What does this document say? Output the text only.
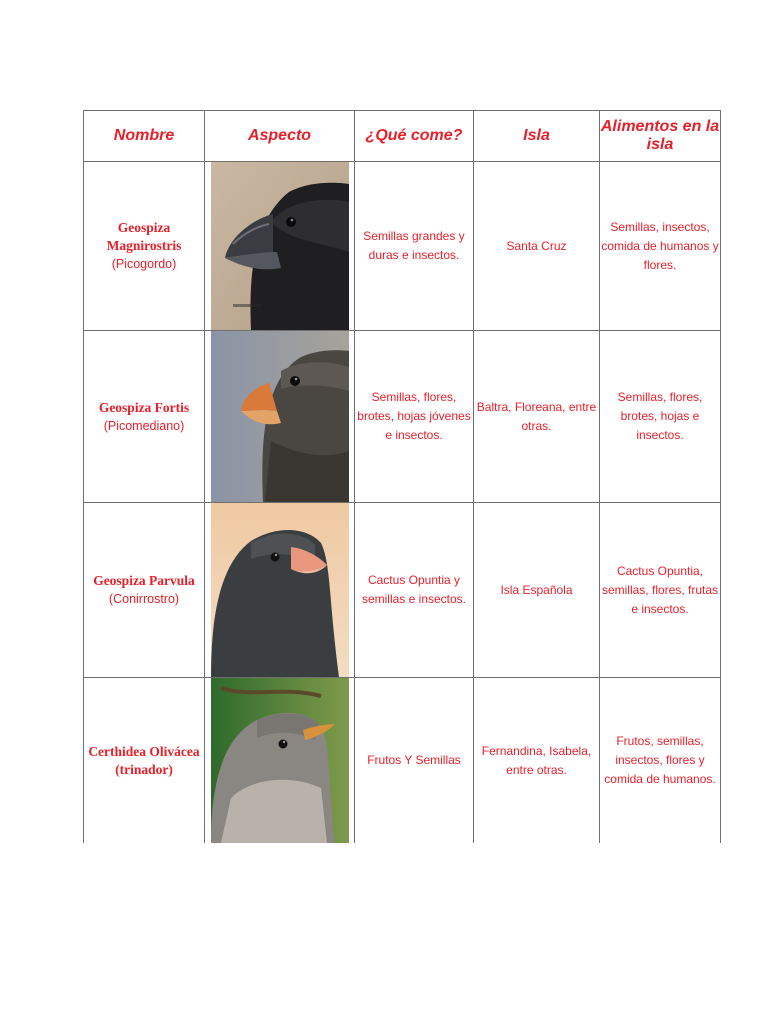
Nombre	Aspecto	¿Qué come?	Isla	Alimentos en la isla

Geospiza Magnirostris
(Picogordo)		Semillas grandes y duras e insectos.	Santa Cruz	Semillas, insectos, comida de humanos y flores.

Geospiza Fortis
(Picomediano)		Semillas, flores, brotes, hojas jóvenes e insectos.	Baltra, Floreana, entre otras.	Semillas, flores, brotes, hojas e insectos.

Geospiza Parvula
(Conirrostro)		Cactus Opuntia y semillas e insectos.	Isla Española	Cactus Opuntia, semillas, flores, frutas e insectos.

Certhidea Olivácea
(trinador)		Frutos Y Semillas	Fernandina, Isabela, entre otras.	Frutos, semillas, insectos, flores y comida de humanos.
